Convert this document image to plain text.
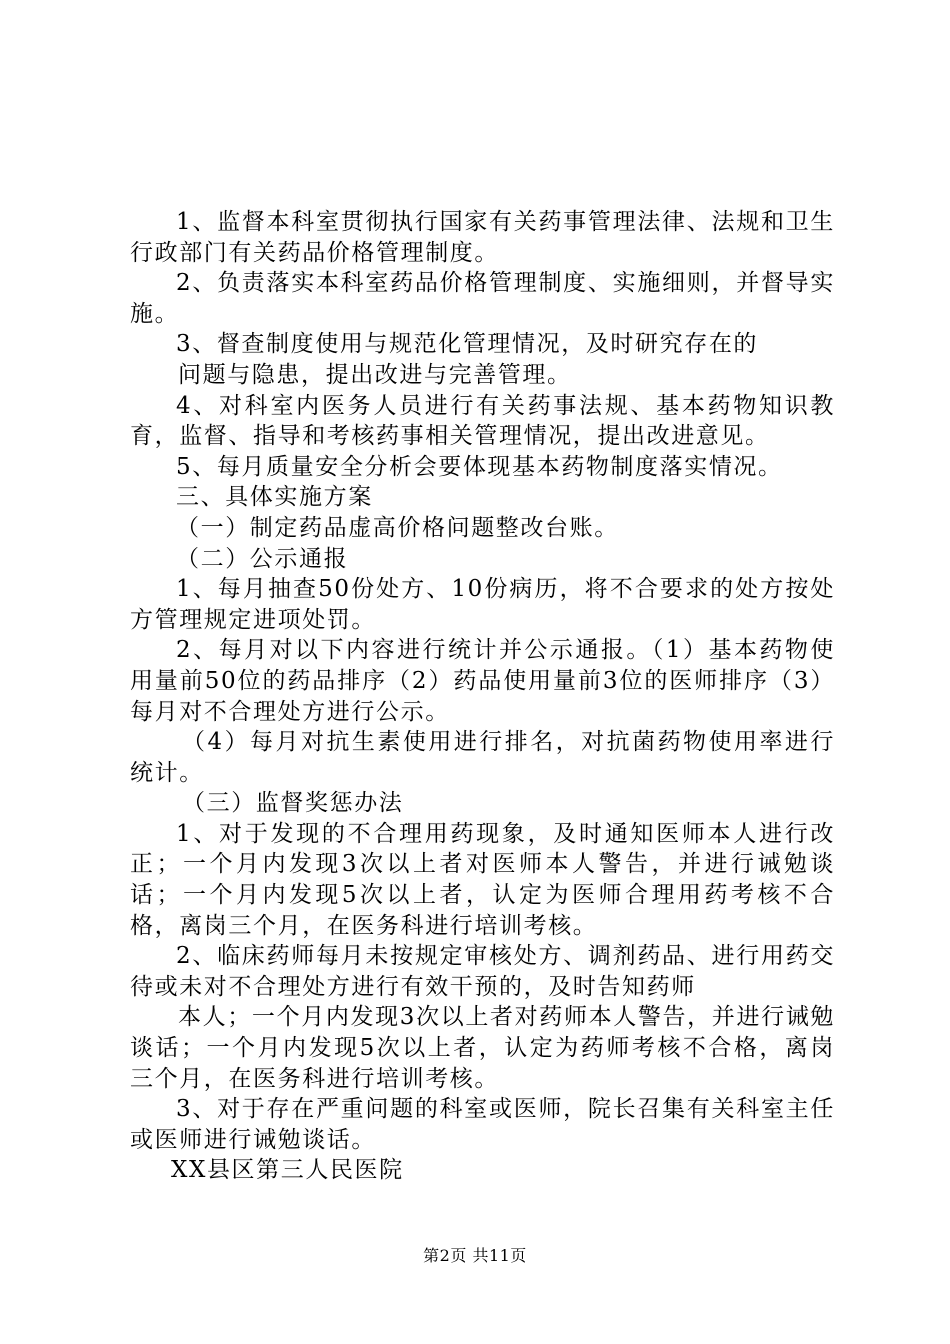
1、监督本科室贯彻执行国家有关药事管理法律、法规和卫生行政部门有关药品价格管理制度。

2、负责落实本科室药品价格管理制度、实施细则，并督导实施。

3、督查制度使用与规范化管理情况，及时研究存在的

问题与隐患，提出改进与完善管理。

4、对科室内医务人员进行有关药事法规、基本药物知识教育，监督、指导和考核药事相关管理情况，提出改进意见。

5、每月质量安全分析会要体现基本药物制度落实情况。

三、具体实施方案

（一）制定药品虚高价格问题整改台账。

（二）公示通报

1、每月抽查50份处方、10份病历，将不合要求的处方按处方管理规定进项处罚。

2、每月对以下内容进行统计并公示通报。（1）基本药物使用量前50位的药品排序（2）药品使用量前3位的医师排序（3）每月对不合理处方进行公示。

（4）每月对抗生素使用进行排名，对抗菌药物使用率进行统计。

（三）监督奖惩办法

1、对于发现的不合理用药现象，及时通知医师本人进行改正；一个月内发现3次以上者对医师本人警告，并进行诫勉谈话；一个月内发现5次以上者，认定为医师合理用药考核不合格，离岗三个月，在医务科进行培训考核。

2、临床药师每月未按规定审核处方、调剂药品、进行用药交待或未对不合理处方进行有效干预的，及时告知药师

本人；一个月内发现3次以上者对药师本人警告，并进行诫勉谈话；一个月内发现5次以上者，认定为药师考核不合格，离岗三个月，在医务科进行培训考核。

3、对于存在严重问题的科室或医师，院长召集有关科室主任或医师进行诫勉谈话。

XX县区第三人民医院

第2页 共11页
